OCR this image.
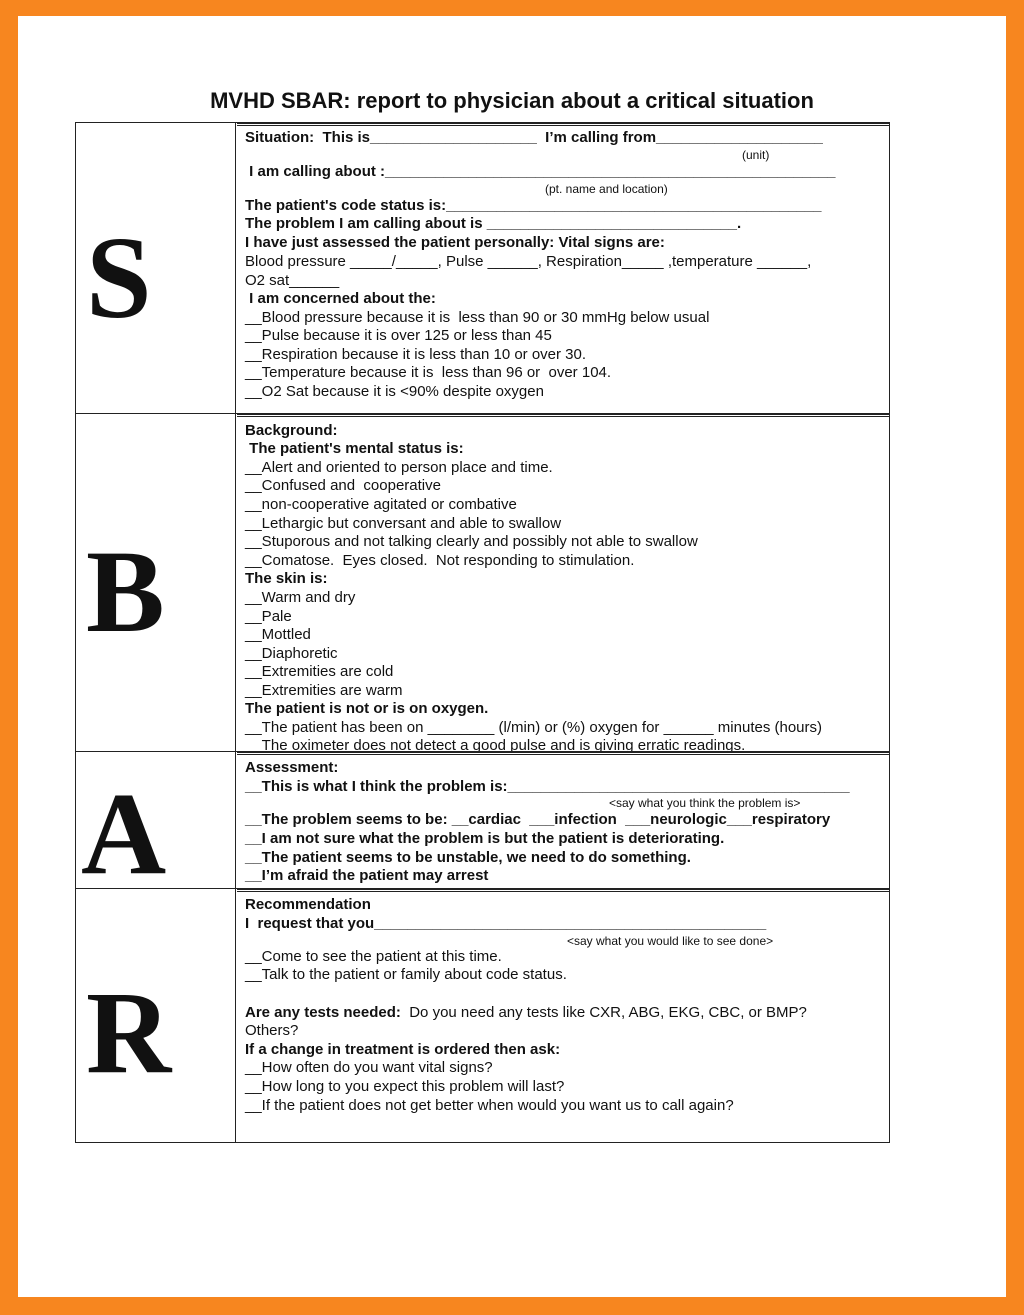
MVHD SBAR: report to physician about a critical situation
S
Situation:  This is____________________  I’m calling from____________________
(unit)
I am calling about :______________________________________________________
(pt. name and location)
The patient's code status is:_____________________________________________
The problem I am calling about is ______________________________.
I have just assessed the patient personally: Vital signs are:
Blood pressure _____/_____, Pulse ______, Respiration_____ ,temperature ______,
O2 sat______
I am concerned about the:
__Blood pressure because it is  less than 90 or 30 mmHg below usual
__Pulse because it is over 125 or less than 45
__Respiration because it is less than 10 or over 30.
__Temperature because it is  less than 96 or  over 104.
__O2 Sat because it is <90% despite oxygen
B
Background:
The patient's mental status is:
__Alert and oriented to person place and time.
__Confused and  cooperative
__non-cooperative agitated or combative
__Lethargic but conversant and able to swallow
__Stuporous and not talking clearly and possibly not able to swallow
__Comatose.  Eyes closed.  Not responding to stimulation.
The skin is:
__Warm and dry
__Pale
__Mottled
__Diaphoretic
__Extremities are cold
__Extremities are warm
The patient is not or is on oxygen.
__The patient has been on ________ (l/min) or (%) oxygen for ______ minutes (hours)
__The oximeter does not detect a good pulse and is giving erratic readings.
A
Assessment:
__This is what I think the problem is:_________________________________________
<say what you think the problem is>
__The problem seems to be: __cardiac  ___infection  ___neurologic___respiratory
__I am not sure what the problem is but the patient is deteriorating.
__The patient seems to be unstable, we need to do something.
__I’m afraid the patient may arrest
R
Recommendation
I  request that you_______________________________________________
<say what you would like to see done>
__Come to see the patient at this time.
__Talk to the patient or family about code status.
Are any tests needed:  Do you need any tests like CXR, ABG, EKG, CBC, or BMP?
Others?
If a change in treatment is ordered then ask:
__How often do you want vital signs?
__How long to you expect this problem will last?
__If the patient does not get better when would you want us to call again?
